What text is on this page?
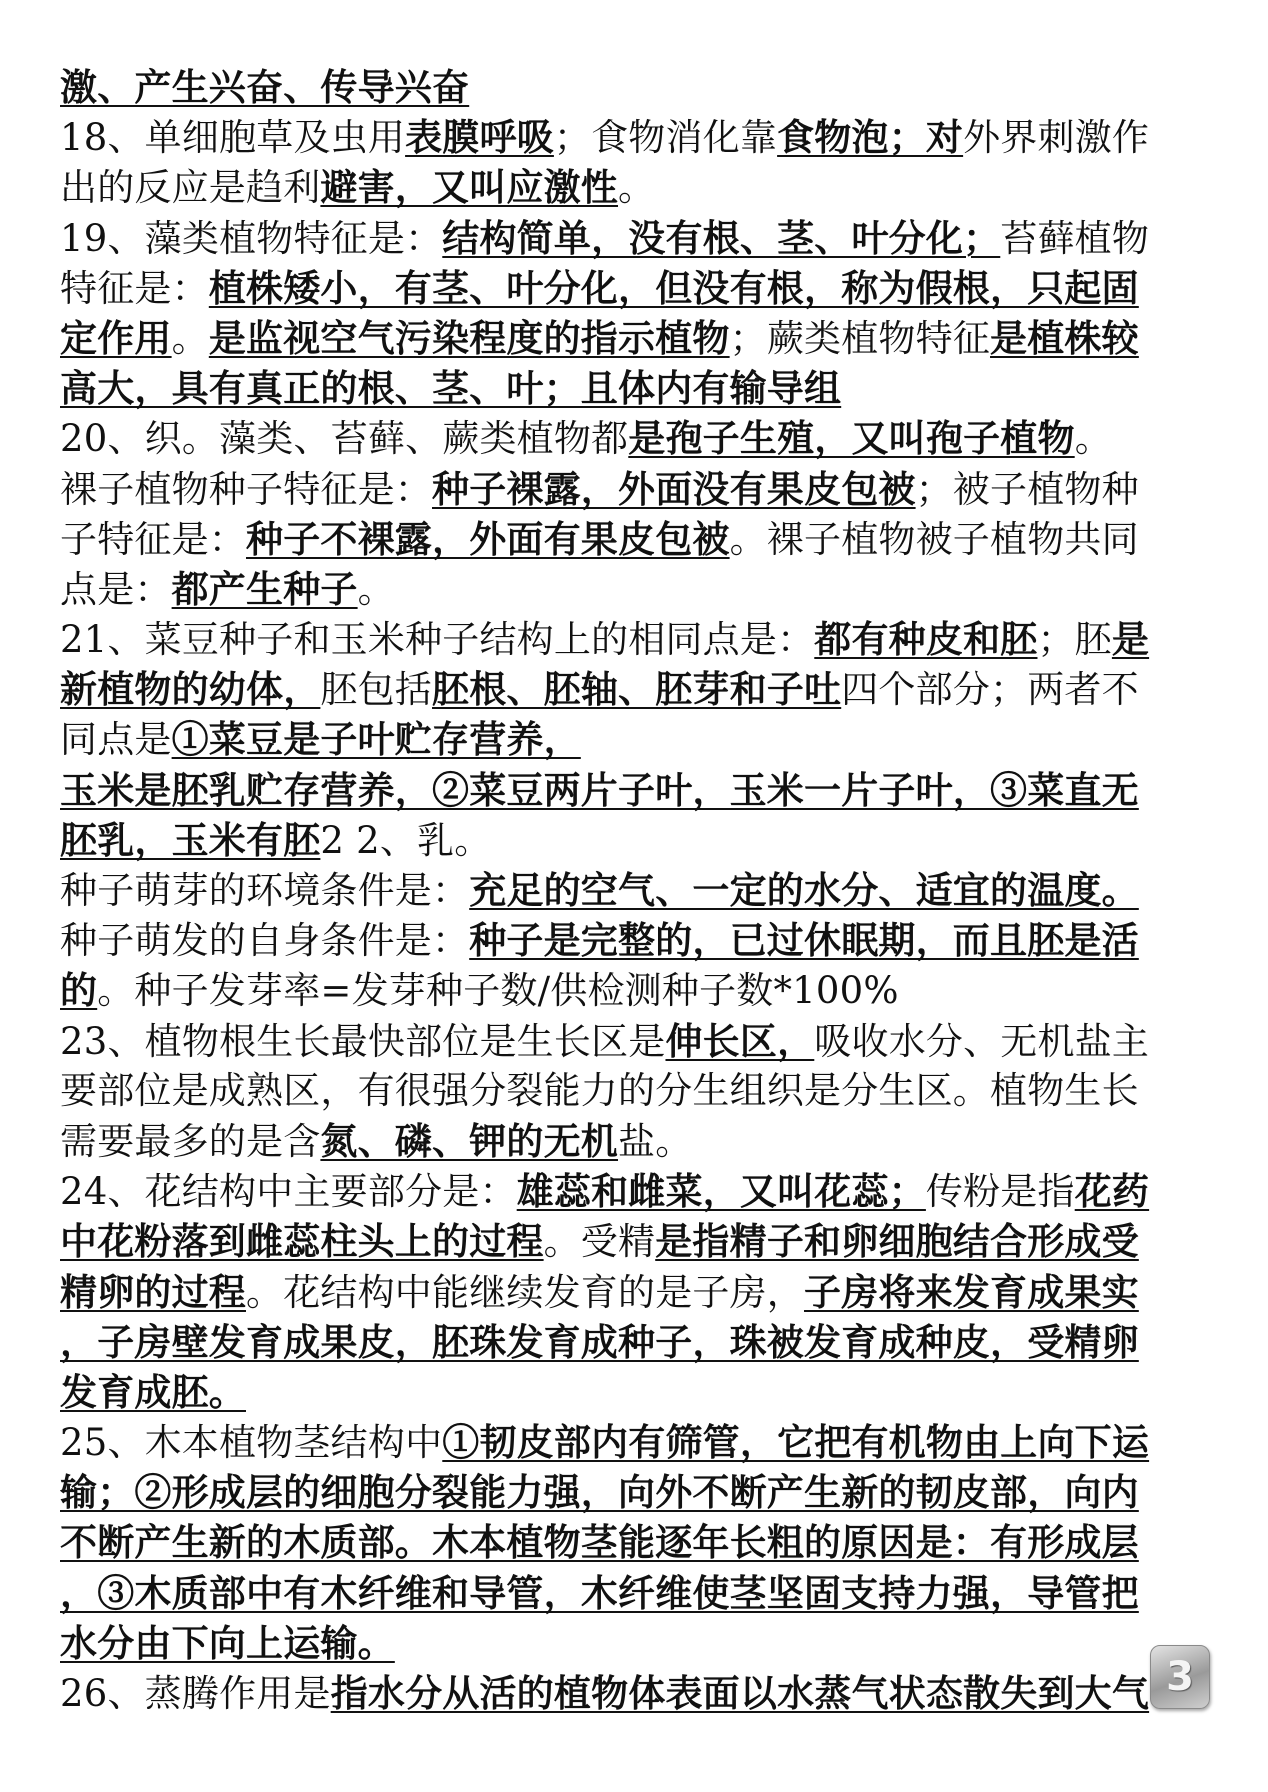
激、产生兴奋、传导兴奋
18、单细胞草及虫用表膜呼吸；食物消化靠食物泡；对外界刺激作
出的反应是趋利避害，又叫应激性。
19、藻类植物特征是：结构简单，没有根、茎、叶分化；苔藓植物
特征是：植株矮小，有茎、叶分化，但没有根，称为假根，只起固
定作用。是监视空气污染程度的指示植物；蕨类植物特征是植株较
高大，具有真正的根、茎、叶；且体内有输导组
20、织。藻类、苔藓、蕨类植物都是孢子生殖，又叫孢子植物。
裸子植物种子特征是：种子裸露，外面没有果皮包被；被子植物种
子特征是：种子不裸露，外面有果皮包被。裸子植物被子植物共同
点是：都产生种子。
21、菜豆种子和玉米种子结构上的相同点是：都有种皮和胚；胚是
新植物的幼体，胚包括胚根、胚轴、胚芽和子吐四个部分；两者不
同点是①菜豆是子叶贮存营养，
玉米是胚乳贮存营养，②菜豆两片子叶，玉米一片子叶，③菜直无
胚乳，玉米有胚2 2、乳。
种子萌芽的环境条件是：充足的空气、一定的水分、适宜的温度。
种子萌发的自身条件是：种子是完整的，已过休眠期，而且胚是活
的。种子发芽率=发芽种子数/供检测种子数*100%
23、植物根生长最快部位是生长区是伸长区，吸收水分、无机盐主
要部位是成熟区，有很强分裂能力的分生组织是分生区。植物生长
需要最多的是含氮、磷、钾的无机盐。
24、花结构中主要部分是：雄蕊和雌菜，又叫花蕊；传粉是指花药
中花粉落到雌蕊柱头上的过程。受精是指精子和卵细胞结合形成受
精卵的过程。花结构中能继续发育的是子房，子房将来发育成果实
，子房壁发育成果皮，胚珠发育成种子，珠被发育成种皮，受精卵
发育成胚。
25、木本植物茎结构中①韧皮部内有筛管，它把有机物由上向下运
输；②形成层的细胞分裂能力强，向外不断产生新的韧皮部，向内
不断产生新的木质部。木本植物茎能逐年长粗的原因是：有形成层
，③木质部中有木纤维和导管，木纤维使茎坚固支持力强，导管把
水分由下向上运输。
26、蒸腾作用是指水分从活的植物体表面以水蒸气状态散失到大气 3
